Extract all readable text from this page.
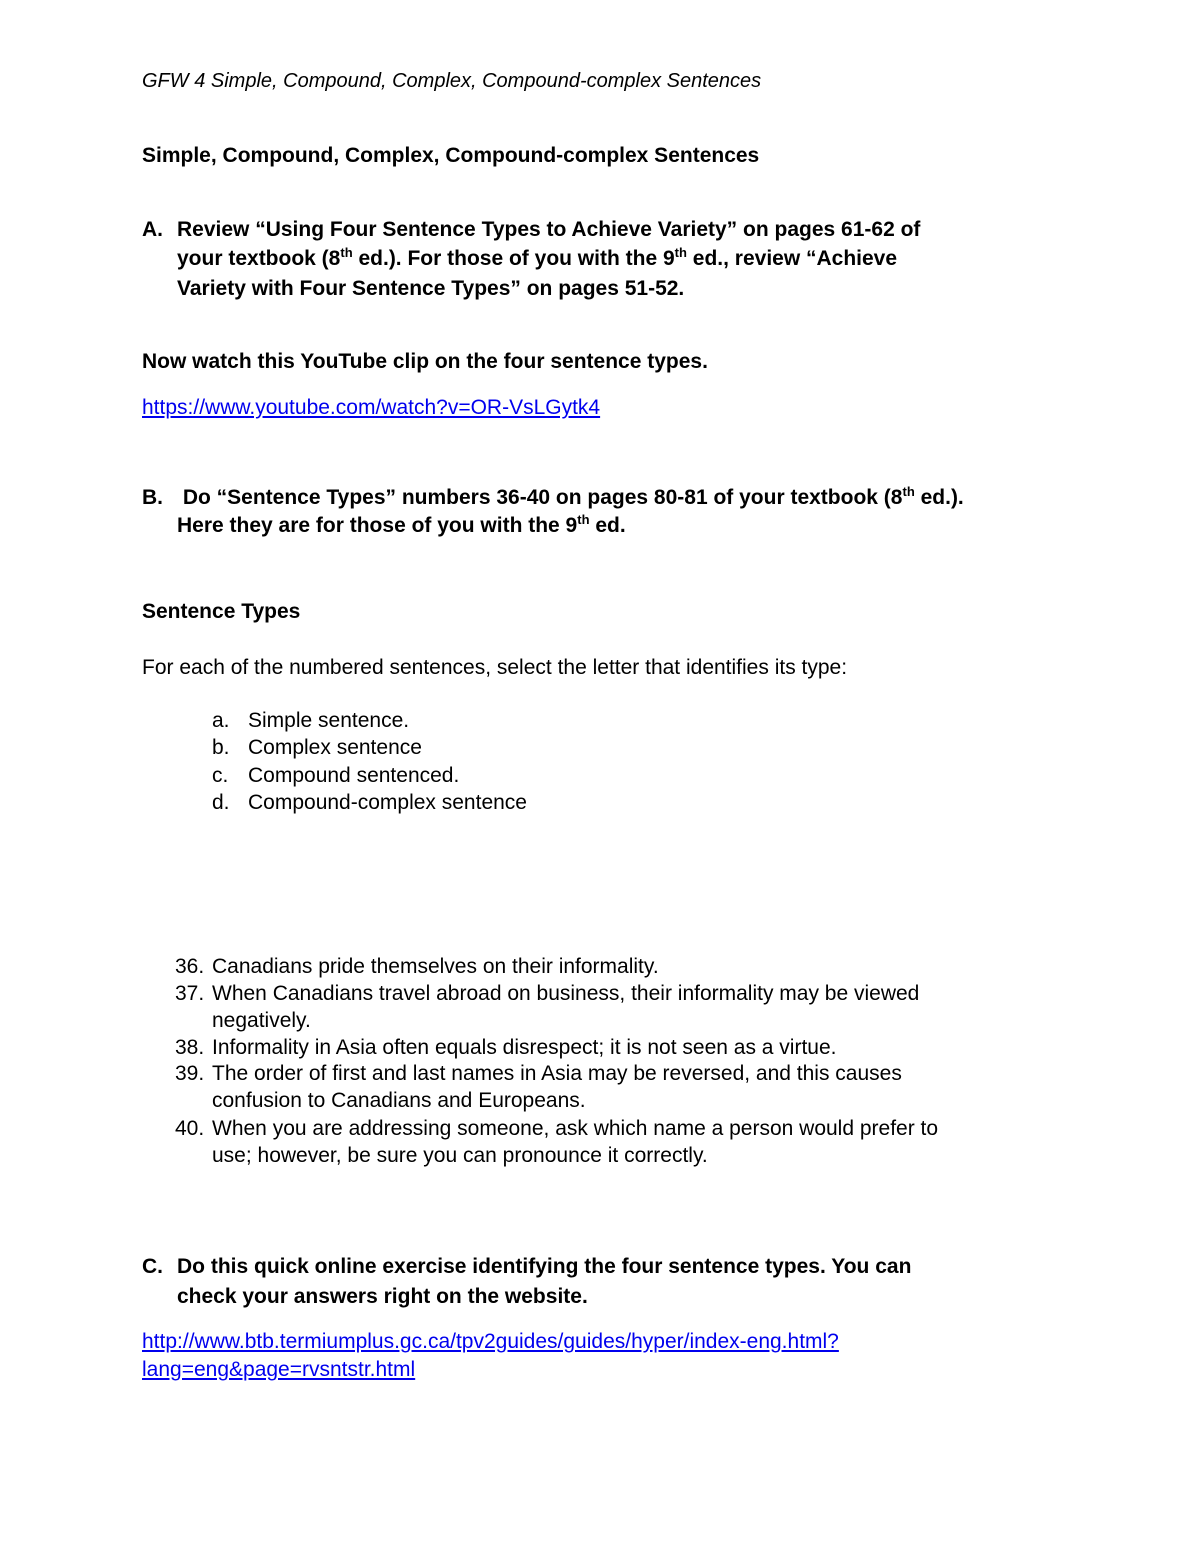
GFW 4 Simple, Compound, Complex, Compound-complex Sentences
Simple, Compound, Complex, Compound-complex Sentences
A. Review “Using Four Sentence Types to Achieve Variety” on pages 61-62 of
your textbook (8th ed.). For those of you with the 9th ed., review “Achieve
Variety with Four Sentence Types” on pages 51-52.
Now watch this YouTube clip on the four sentence types.
https://www.youtube.com/watch?v=OR-VsLGytk4
B. Do “Sentence Types” numbers 36-40 on pages 80-81 of your textbook (8th ed.).
Here they are for those of you with the 9th ed.
Sentence Types
For each of the numbered sentences, select the letter that identifies its type:
a. Simple sentence.
b. Complex sentence
c. Compound sentenced.
d. Compound-complex sentence
36. Canadians pride themselves on their informality.
37. When Canadians travel abroad on business, their informality may be viewed
negatively.
38. Informality in Asia often equals disrespect; it is not seen as a virtue.
39. The order of first and last names in Asia may be reversed, and this causes
confusion to Canadians and Europeans.
40. When you are addressing someone, ask which name a person would prefer to
use; however, be sure you can pronounce it correctly.
C. Do this quick online exercise identifying the four sentence types. You can
check your answers right on the website.
http://www.btb.termiumplus.gc.ca/tpv2guides/guides/hyper/index-eng.html?
lang=eng&page=rvsntstr.html
